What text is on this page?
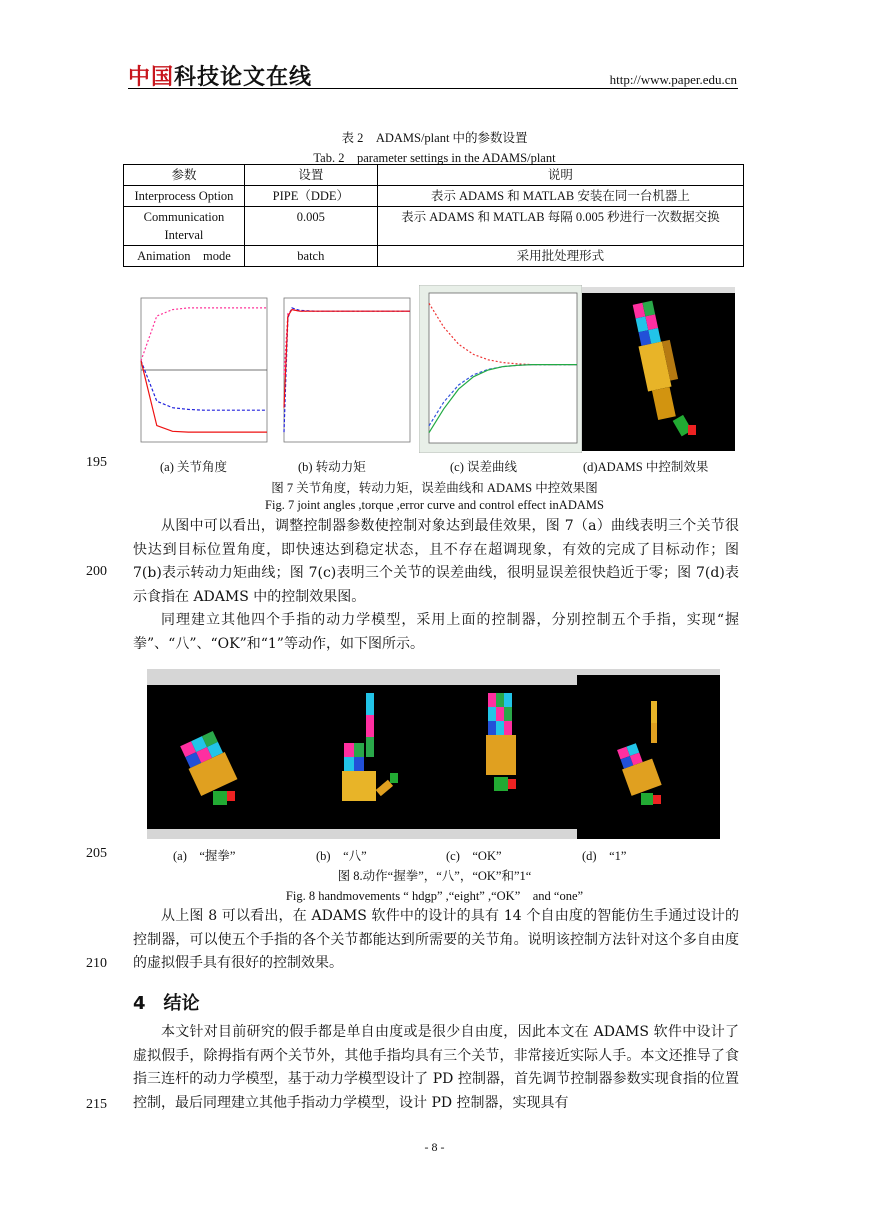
中国科技论文在线	http://www.paper.edu.cn
表 2　ADAMS/plant 中的参数设置
Tab. 2　parameter settings in the ADAMS/plant
参数	设置	说明
Interprocess Option	PIPE（DDE）	表示 ADAMS 和 MATLAB 安装在同一台机器上
Communication Interval	0.005	表示 ADAMS 和 MATLAB 每隔 0.005 秒进行一次数据交换
Animation　mode	batch	采用批处理形式
195	(a) 关节角度	(b) 转动力矩	(c) 误差曲线	(d)ADAMS 中控制效果
图 7 关节角度，转动力矩，误差曲线和 ADAMS 中控效果图
Fig. 7 joint angles ,torque ,error curve and control effect inADAMS

从图中可以看出，调整控制器参数使控制对象达到最佳效果，图 7（a）曲线表明三个关节很快达到目标位置角度，即快速达到稳定状态，且不存在超调现象，有效的完成了目标动作；图 7(b)表示转动力矩曲线；图 7(c)表明三个关节的误差曲线，很明显误差很快趋近于零；图 7(d)表示食指在 ADAMS 中的控制效果图。

同理建立其他四个手指的动力学模型，采用上面的控制器，分别控制五个手指，实现“握拳”、“八”、“OK”和“1”等动作，如下图所示。

200
205	(a)　“握拳”	(b)　“八”	(c)　“OK”	(d)　“1”
图 8.动作“握拳”，“八”，“OK”和”1“
Fig. 8 handmovements “ hdgp” ,“eight” ,“OK”　and “one”

从上图 8 可以看出，在 ADAMS 软件中的设计的具有 14 个自由度的智能仿生手通过设计的控制器，可以使五个手指的各个关节都能达到所需要的关节角。说明该控制方法针对这个多自由度的虚拟假手具有很好的控制效果。

210
4　结论

本文针对目前研究的假手都是单自由度或是很少自由度，因此本文在 ADAMS 软件中设计了虚拟假手，除拇指有两个关节外，其他手指均具有三个关节，非常接近实际人手。本文还推导了食指三连杆的动力学模型，基于动力学模型设计了 PD 控制器，首先调节控制器参数实现食指的位置控制，最后同理建立其他手指动力学模型，设计 PD 控制器，实现具有

215
- 8 -
